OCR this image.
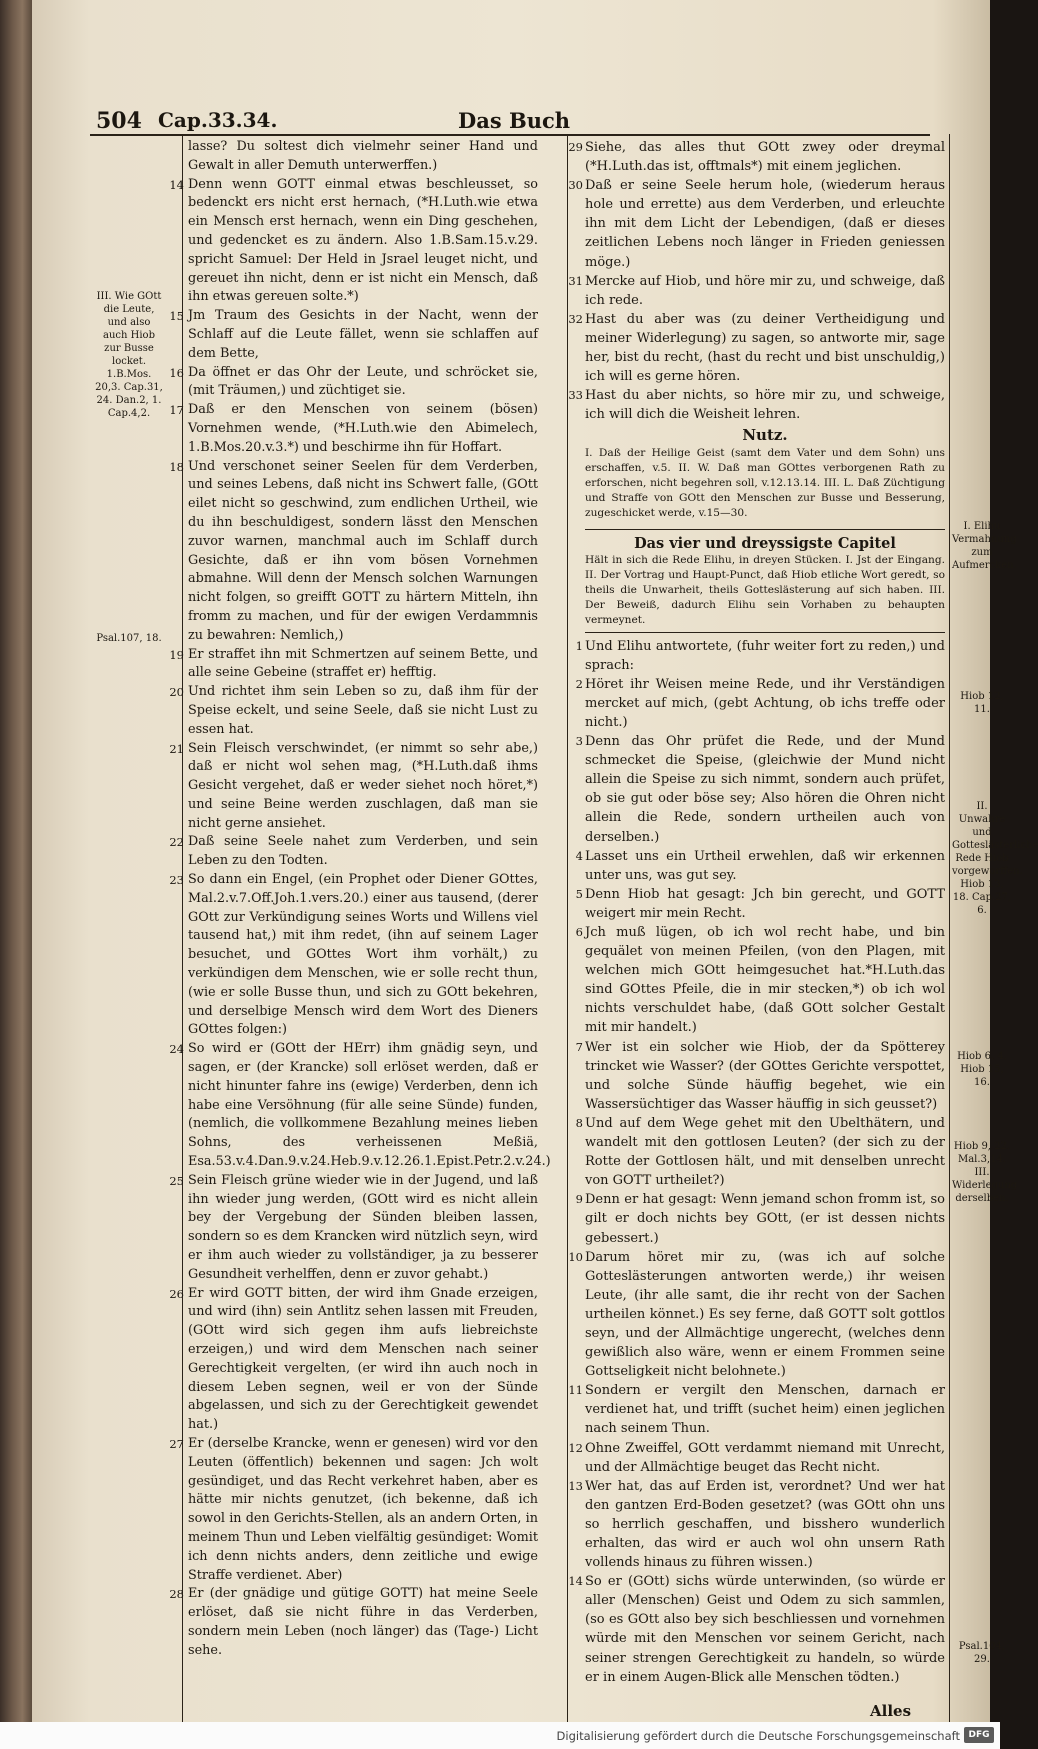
504 Cap.33.34.	Das Buch
III. Wie GOtt die Leute, und also auch Hiob zur Busse locket. 1.B.Mos. 20,3. Cap.31, 24. Dan.2, 1. Cap.4,2.
Psal.107, 18.
I. Elihu Vermahnung zum Aufmercken.
Hiob 12, 11.
II. Unwahre und Gotteslästerliche Rede Hiob vorgeworffen. Hiob 13, 18. Cap.27, 6.
Hiob 6, 4. Hiob 15, 16.
Hiob 9, 22. Mal.3,14. III. Widerlegung derselben.
Psal.104, 29.
lasse? Du soltest dich vielmehr seiner Hand und Gewalt in aller Demuth unterwerffen.)
14 Denn wenn GOTT einmal etwas beschleusset, so bedenckt ers nicht erst hernach, (*H.Luth.wie etwa ein Mensch erst hernach, wenn ein Ding geschehen, und gedencket es zu ändern. Also 1.B.Sam.15.v.29. spricht Samuel: Der Held in Jsrael leuget nicht, und gereuet ihn nicht, denn er ist nicht ein Mensch, daß ihn etwas gereuen solte.*)
15 Jm Traum des Gesichts in der Nacht, wenn der Schlaff auf die Leute fället, wenn sie schlaffen auf dem Bette,
16 Da öffnet er das Ohr der Leute, und schröcket sie, (mit Träumen,) und züchtiget sie.
17 Daß er den Menschen von seinem (bösen) Vornehmen wende, (*H.Luth.wie den Abimelech, 1.B.Mos.20.v.3.*) und beschirme ihn für Hoffart.
18 Und verschonet seiner Seelen für dem Verderben, und seines Lebens, daß nicht ins Schwert falle, (GOtt eilet nicht so geschwind, zum endlichen Urtheil, wie du ihn beschuldigest, sondern lässt den Menschen zuvor warnen, manchmal auch im Schlaff durch Gesichte, daß er ihn vom bösen Vornehmen abmahne. Will denn der Mensch solchen Warnungen nicht folgen, so greifft GOTT zu härtern Mitteln, ihn fromm zu machen, und für der ewigen Verdammnis zu bewahren: Nemlich,)
19 Er straffet ihn mit Schmertzen auf seinem Bette, und alle seine Gebeine (straffet er) hefftig.
20 Und richtet ihm sein Leben so zu, daß ihm für der Speise eckelt, und seine Seele, daß sie nicht Lust zu essen hat.
21 Sein Fleisch verschwindet, (er nimmt so sehr abe,) daß er nicht wol sehen mag, (*H.Luth.daß ihms Gesicht vergehet, daß er weder siehet noch höret,*) und seine Beine werden zuschlagen, daß man sie nicht gerne ansiehet.
22 Daß seine Seele nahet zum Verderben, und sein Leben zu den Todten.
23 So dann ein Engel, (ein Prophet oder Diener GOttes, Mal.2.v.7.Off.Joh.1.vers.20.) einer aus tausend, (derer GOtt zur Verkündigung seines Worts und Willens viel tausend hat,) mit ihm redet, (ihn auf seinem Lager besuchet, und GOttes Wort ihm vorhält,) zu verkündigen dem Menschen, wie er solle recht thun, (wie er solle Busse thun, und sich zu GOtt bekehren, und derselbige Mensch wird dem Wort des Dieners GOttes folgen:)
24 So wird er (GOtt der HErr) ihm gnädig seyn, und sagen, er (der Krancke) soll erlöset werden, daß er nicht hinunter fahre ins (ewige) Verderben, denn ich habe eine Versöhnung (für alle seine Sünde) funden, (nemlich, die vollkommene Bezahlung meines lieben Sohns, des verheissenen Meßiä, Esa.53.v.4.Dan.9.v.24.Heb.9.v.12.26.1.Epist.Petr.2.v.24.)
25 Sein Fleisch grüne wieder wie in der Jugend, und laß ihn wieder jung werden, (GOtt wird es nicht allein bey der Vergebung der Sünden bleiben lassen, sondern so es dem Krancken wird nützlich seyn, wird er ihm auch wieder zu vollständiger, ja zu besserer Gesundheit verhelffen, denn er zuvor gehabt.)
26 Er wird GOTT bitten, der wird ihm Gnade erzeigen, und wird (ihn) sein Antlitz sehen lassen mit Freuden, (GOtt wird sich gegen ihm aufs liebreichste erzeigen,) und wird dem Menschen nach seiner Gerechtigkeit vergelten, (er wird ihn auch noch in diesem Leben segnen, weil er von der Sünde abgelassen, und sich zu der Gerechtigkeit gewendet hat.)
27 Er (derselbe Krancke, wenn er genesen) wird vor den Leuten (öffentlich) bekennen und sagen: Jch wolt gesündiget, und das Recht verkehret haben, aber es hätte mir nichts genutzet, (ich bekenne, daß ich sowol in den Gerichts-Stellen, als an andern Orten, in meinem Thun und Leben vielfältig gesündiget: Womit ich denn nichts anders, denn zeitliche und ewige Straffe verdienet. Aber)
28 Er (der gnädige und gütige GOTT) hat meine Seele erlöset, daß sie nicht führe in das Verderben, sondern mein Leben (noch länger) das (Tage-) Licht sehe.
29 Siehe, das alles thut GOtt zwey oder dreymal (*H.Luth.das ist, offtmals*) mit einem jeglichen.
30 Daß er seine Seele herum hole, (wiederum heraus hole und errette) aus dem Verderben, und erleuchte ihn mit dem Licht der Lebendigen, (daß er dieses zeitlichen Lebens noch länger in Frieden geniessen möge.)
31 Mercke auf Hiob, und höre mir zu, und schweige, daß ich rede.
32 Hast du aber was (zu deiner Vertheidigung und meiner Widerlegung) zu sagen, so antworte mir, sage her, bist du recht, (hast du recht und bist unschuldig,) ich will es gerne hören.
33 Hast du aber nichts, so höre mir zu, und schweige, ich will dich die Weisheit lehren.
Nutz.
I. Daß der Heilige Geist (samt dem Vater und dem Sohn) uns erschaffen, v.5. II. W. Daß man GOttes verborgenen Rath zu erforschen, nicht begehren soll, v.12.13.14. III. L. Daß Züchtigung und Straffe von GOtt den Menschen zur Busse und Besserung, zugeschicket werde, v.15—30.
Das vier und dreyssigste Capitel
Hält in sich die Rede Elihu, in dreyen Stücken. I. Jst der Eingang. II. Der Vortrag und Haupt-Punct, daß Hiob etliche Wort geredt, so theils die Unwarheit, theils Gotteslästerung auf sich haben. III. Der Beweiß, dadurch Elihu sein Vorhaben zu behaupten vermeynet.
1 Und Elihu antwortete, (fuhr weiter fort zu reden,) und sprach:
2 Höret ihr Weisen meine Rede, und ihr Verständigen mercket auf mich, (gebt Achtung, ob ichs treffe oder nicht.)
3 Denn das Ohr prüfet die Rede, und der Mund schmecket die Speise, (gleichwie der Mund nicht allein die Speise zu sich nimmt, sondern auch prüfet, ob sie gut oder böse sey; Also hören die Ohren nicht allein die Rede, sondern urtheilen auch von derselben.)
4 Lasset uns ein Urtheil erwehlen, daß wir erkennen unter uns, was gut sey.
5 Denn Hiob hat gesagt: Jch bin gerecht, und GOTT weigert mir mein Recht.
6 Jch muß lügen, ob ich wol recht habe, und bin gequälet von meinen Pfeilen, (von den Plagen, mit welchen mich GOtt heimgesuchet hat.*H.Luth.das sind GOttes Pfeile, die in mir stecken,*) ob ich wol nichts verschuldet habe, (daß GOtt solcher Gestalt mit mir handelt.)
7 Wer ist ein solcher wie Hiob, der da Spötterey trincket wie Wasser? (der GOttes Gerichte verspottet, und solche Sünde häuffig begehet, wie ein Wassersüchtiger das Wasser häuffig in sich geusset?)
8 Und auf dem Wege gehet mit den Ubelthätern, und wandelt mit den gottlosen Leuten? (der sich zu der Rotte der Gottlosen hält, und mit denselben unrecht von GOTT urtheilet?)
9 Denn er hat gesagt: Wenn jemand schon fromm ist, so gilt er doch nichts bey GOtt, (er ist dessen nichts gebessert.)
10 Darum höret mir zu, (was ich auf solche Gotteslästerungen antworten werde,) ihr weisen Leute, (ihr alle samt, die ihr recht von der Sachen urtheilen könnet.) Es sey ferne, daß GOTT solt gottlos seyn, und der Allmächtige ungerecht, (welches denn gewißlich also wäre, wenn er einem Frommen seine Gottseligkeit nicht belohnete.)
11 Sondern er vergilt den Menschen, darnach er verdienet hat, und trifft (suchet heim) einen jeglichen nach seinem Thun.
12 Ohne Zweiffel, GOtt verdammt niemand mit Unrecht, und der Allmächtige beuget das Recht nicht.
13 Wer hat, das auf Erden ist, verordnet? Und wer hat den gantzen Erd-Boden gesetzet? (was GOtt ohn uns so herrlich geschaffen, und bisshero wunderlich erhalten, das wird er auch wol ohn unsern Rath vollends hinaus zu führen wissen.)
14 So er (GOtt) sichs würde unterwinden, (so würde er aller (Menschen) Geist und Odem zu sich sammlen, (so es GOtt also bey sich beschliessen und vornehmen würde mit den Menschen vor seinem Gericht, nach seiner strengen Gerechtigkeit zu handeln, so würde er in einem Augen-Blick alle Menschen tödten.)
Alles
Digitalisierung gefördert durch die Deutsche Forschungsgemeinschaft DFG
